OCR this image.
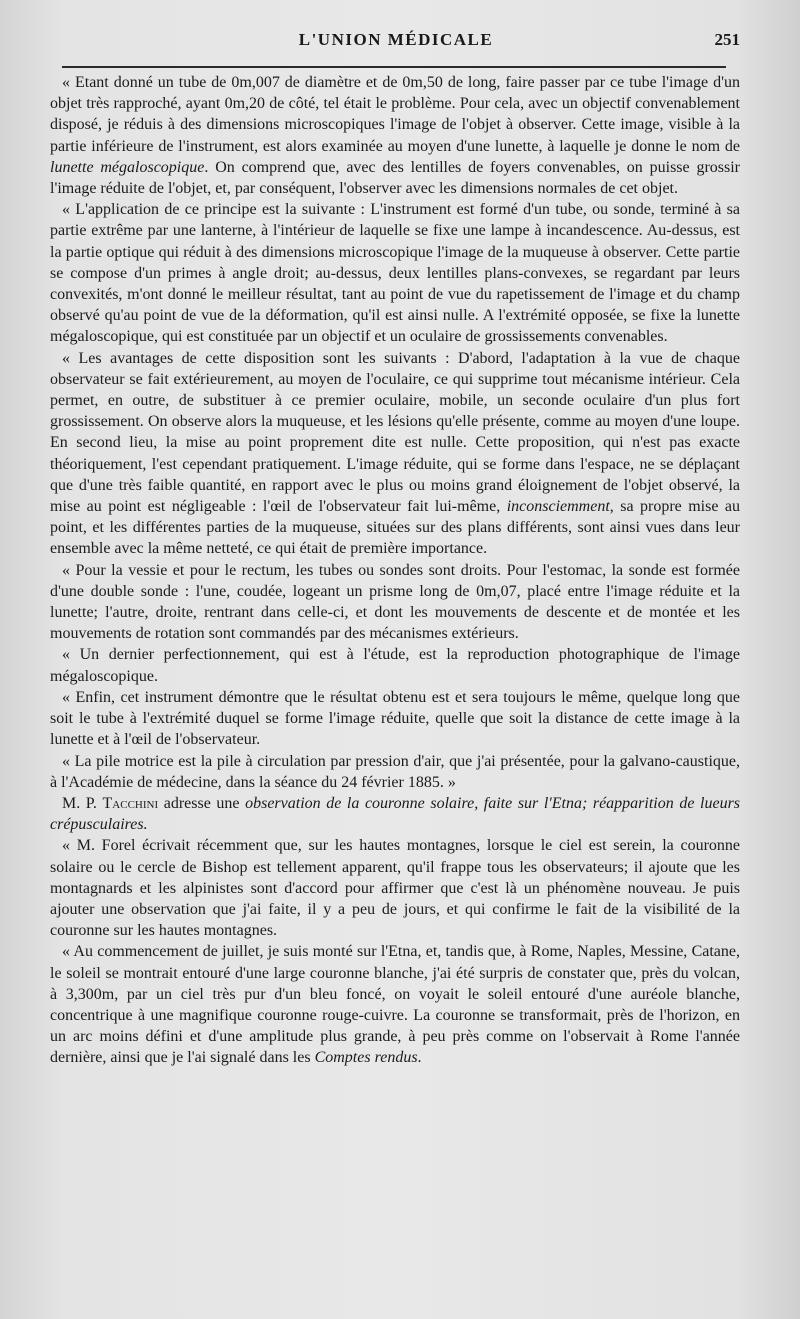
L'UNION MÉDICALE	251

« Etant donné un tube de 0m,007 de diamètre et de 0m,50 de long, faire passer par ce tube l'image d'un objet très rapproché, ayant 0m,20 de côté, tel était le problème. Pour cela, avec un objectif convenablement disposé, je réduis à des dimensions microscopiques l'image de l'objet à observer. Cette image, visible à la partie inférieure de l'instrument, est alors examinée au moyen d'une lunette, à laquelle je donne le nom de lunette mégaloscopique. On comprend que, avec des lentilles de foyers convenables, on puisse grossir l'image réduite de l'objet, et, par conséquent, l'observer avec les dimensions normales de cet objet.

« L'application de ce principe est la suivante : L'instrument est formé d'un tube, ou sonde, terminé à sa partie extrême par une lanterne, à l'intérieur de laquelle se fixe une lampe à incandescence. Au-dessus, est la partie optique qui réduit à des dimensions microscopique l'image de la muqueuse à observer. Cette partie se compose d'un primes à angle droit; au-dessus, deux lentilles plans-convexes, se regardant par leurs convexités, m'ont donné le meilleur résultat, tant au point de vue du rapetissement de l'image et du champ observé qu'au point de vue de la déformation, qu'il est ainsi nulle. A l'extrémité opposée, se fixe la lunette mégaloscopique, qui est constituée par un objectif et un oculaire de grossissements convenables.

« Les avantages de cette disposition sont les suivants : D'abord, l'adaptation à la vue de chaque observateur se fait extérieurement, au moyen de l'oculaire, ce qui supprime tout mécanisme intérieur. Cela permet, en outre, de substituer à ce premier oculaire, mobile, un seconde oculaire d'un plus fort grossissement. On observe alors la muqueuse, et les lésions qu'elle présente, comme au moyen d'une loupe. En second lieu, la mise au point proprement dite est nulle. Cette proposition, qui n'est pas exacte théoriquement, l'est cependant pratiquement. L'image réduite, qui se forme dans l'espace, ne se déplaçant que d'une très faible quantité, en rapport avec le plus ou moins grand éloignement de l'objet observé, la mise au point est négligeable : l'œil de l'observateur fait lui-même, inconsciemment, sa propre mise au point, et les différentes parties de la muqueuse, situées sur des plans différents, sont ainsi vues dans leur ensemble avec la même netteté, ce qui était de première importance.

« Pour la vessie et pour le rectum, les tubes ou sondes sont droits. Pour l'estomac, la sonde est formée d'une double sonde : l'une, coudée, logeant un prisme long de 0m,07, placé entre l'image réduite et la lunette; l'autre, droite, rentrant dans celle-ci, et dont les mouvements de descente et de montée et les mouvements de rotation sont commandés par des mécanismes extérieurs.

« Un dernier perfectionnement, qui est à l'étude, est la reproduction photographique de l'image mégaloscopique.

« Enfin, cet instrument démontre que le résultat obtenu est et sera toujours le même, quelque long que soit le tube à l'extrémité duquel se forme l'image réduite, quelle que soit la distance de cette image à la lunette et à l'œil de l'observateur.

« La pile motrice est la pile à circulation par pression d'air, que j'ai présentée, pour la galvano-caustique, à l'Académie de médecine, dans la séance du 24 février 1885. »

M. P. Tacchini adresse une observation de la couronne solaire, faite sur l'Etna; réapparition de lueurs crépusculaires.

« M. Forel écrivait récemment que, sur les hautes montagnes, lorsque le ciel est serein, la couronne solaire ou le cercle de Bishop est tellement apparent, qu'il frappe tous les observateurs; il ajoute que les montagnards et les alpinistes sont d'accord pour affirmer que c'est là un phénomène nouveau. Je puis ajouter une observation que j'ai faite, il y a peu de jours, et qui confirme le fait de la visibilité de la couronne sur les hautes montagnes.

« Au commencement de juillet, je suis monté sur l'Etna, et, tandis que, à Rome, Naples, Messine, Catane, le soleil se montrait entouré d'une large couronne blanche, j'ai été surpris de constater que, près du volcan, à 3,300m, par un ciel très pur d'un bleu foncé, on voyait le soleil entouré d'une auréole blanche, concentrique à une magnifique couronne rouge-cuivre. La couronne se transformait, près de l'horizon, en un arc moins défini et d'une amplitude plus grande, à peu près comme on l'observait à Rome l'année dernière, ainsi que je l'ai signalé dans les Comptes rendus.
